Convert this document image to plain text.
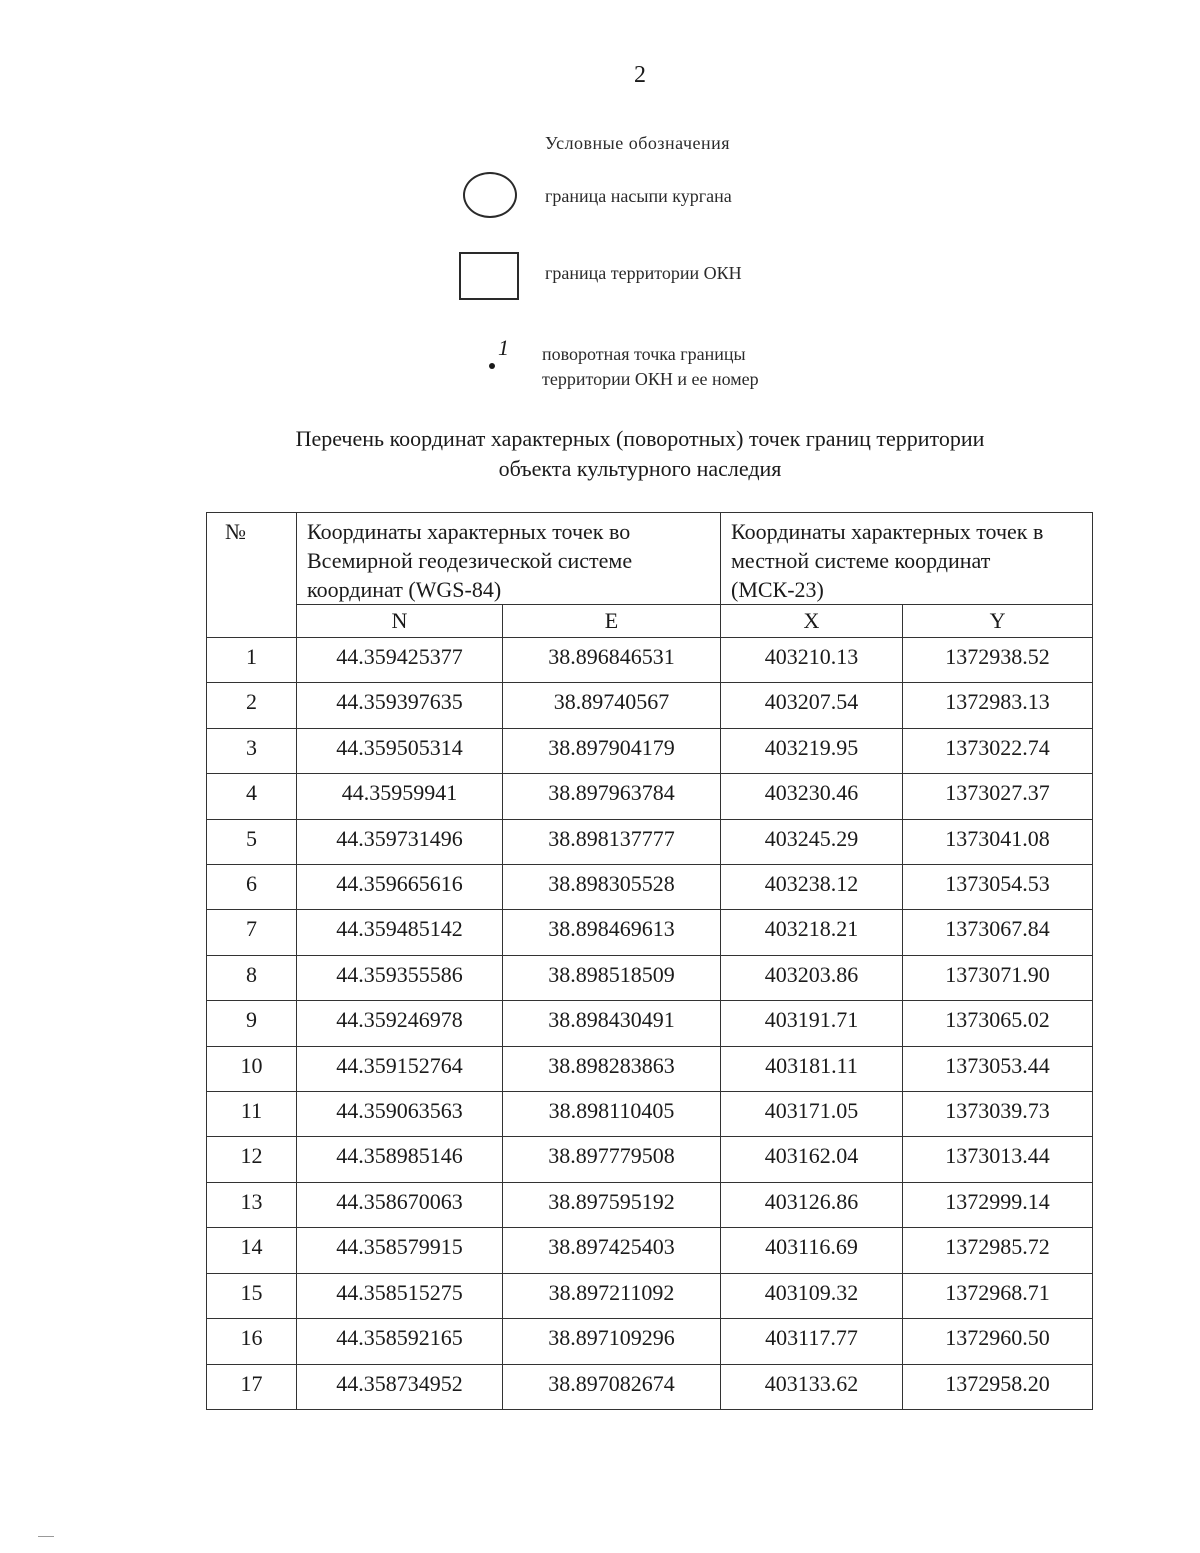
2
Условные обозначения
граница насыпи кургана
граница территории ОКН
1 поворотная точка границы
территории ОКН и ее номер
Перечень координат характерных (поворотных) точек границ территории
объекта культурного наследия
№	Координаты характерных точек во Всемирной геодезической системе координат (WGS-84)		Координаты характерных точек в местной системе координат (МСК-23)	
	N	E	X	Y
1	44.359425377	38.896846531	403210.13	1372938.52
2	44.359397635	38.89740567	403207.54	1372983.13
3	44.359505314	38.897904179	403219.95	1373022.74
4	44.35959941	38.897963784	403230.46	1373027.37
5	44.359731496	38.898137777	403245.29	1373041.08
6	44.359665616	38.898305528	403238.12	1373054.53
7	44.359485142	38.898469613	403218.21	1373067.84
8	44.359355586	38.898518509	403203.86	1373071.90
9	44.359246978	38.898430491	403191.71	1373065.02
10	44.359152764	38.898283863	403181.11	1373053.44
11	44.359063563	38.898110405	403171.05	1373039.73
12	44.358985146	38.897779508	403162.04	1373013.44
13	44.358670063	38.897595192	403126.86	1372999.14
14	44.358579915	38.897425403	403116.69	1372985.72
15	44.358515275	38.897211092	403109.32	1372968.71
16	44.358592165	38.897109296	403117.77	1372960.50
17	44.358734952	38.897082674	403133.62	1372958.20
